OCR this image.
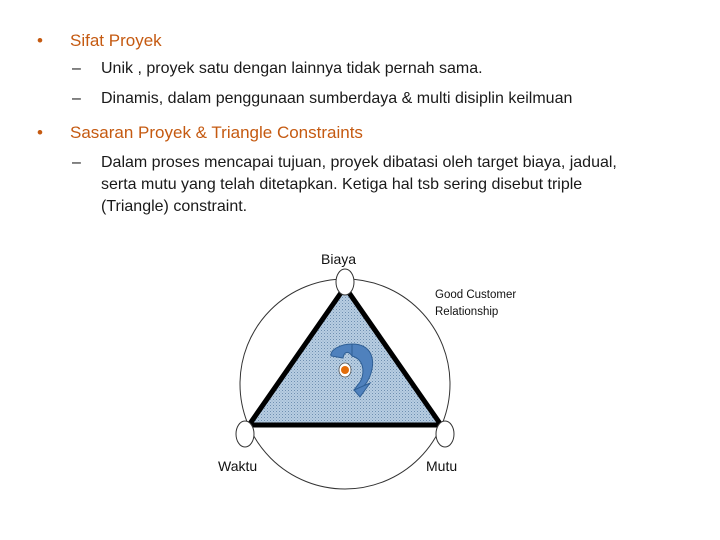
• Sifat Proyek
– Unik , proyek satu dengan lainnya tidak pernah sama.
– Dinamis, dalam penggunaan sumberdaya & multi disiplin keilmuan
• Sasaran Proyek & Triangle Constraints
– Dalam proses mencapai tujuan, proyek dibatasi oleh target biaya, jadual,
serta mutu yang telah ditetapkan. Ketiga hal tsb sering disebut triple
(Triangle) constraint.
Biaya
Waktu	Mutu
Good Customer
Relationship
